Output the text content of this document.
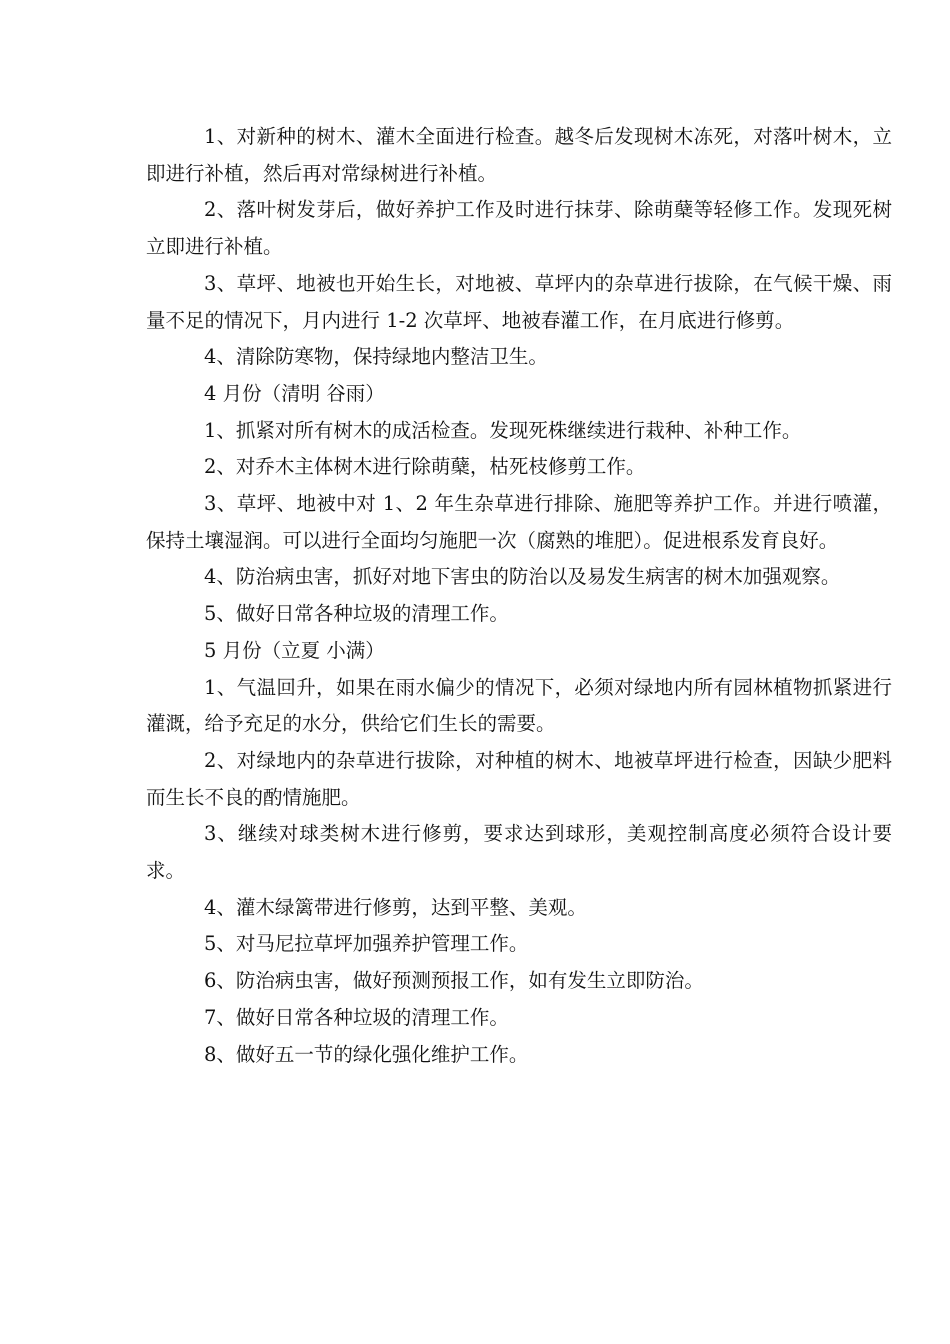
1、对新种的树木、灌木全面进行检查。越冬后发现树木冻死，对落叶树木，立即进行补植，然后再对常绿树进行补植。

2、落叶树发芽后，做好养护工作及时进行抹芽、除萌蘖等轻修工作。发现死树立即进行补植。

3、草坪、地被也开始生长，对地被、草坪内的杂草进行拔除，在气候干燥、雨量不足的情况下，月内进行 1-2 次草坪、地被春灌工作，在月底进行修剪。

4、清除防寒物，保持绿地内整洁卫生。

4 月份（清明 谷雨）

1、抓紧对所有树木的成活检查。发现死株继续进行栽种、补种工作。

2、对乔木主体树木进行除萌蘖，枯死枝修剪工作。

3、草坪、地被中对 1、2 年生杂草进行排除、施肥等养护工作。并进行喷灌，保持土壤湿润。可以进行全面均匀施肥一次（腐熟的堆肥）。促进根系发育良好。

4、防治病虫害，抓好对地下害虫的防治以及易发生病害的树木加强观察。

5、做好日常各种垃圾的清理工作。

5 月份（立夏 小满）

1、气温回升，如果在雨水偏少的情况下，必须对绿地内所有园林植物抓紧进行灌溉，给予充足的水分，供给它们生长的需要。

2、对绿地内的杂草进行拔除，对种植的树木、地被草坪进行检查，因缺少肥料而生长不良的酌情施肥。

3、继续对球类树木进行修剪，要求达到球形，美观控制高度必须符合设计要求。

4、灌木绿篱带进行修剪，达到平整、美观。

5、对马尼拉草坪加强养护管理工作。

6、防治病虫害，做好预测预报工作，如有发生立即防治。

7、做好日常各种垃圾的清理工作。

8、做好五一节的绿化强化维护工作。
